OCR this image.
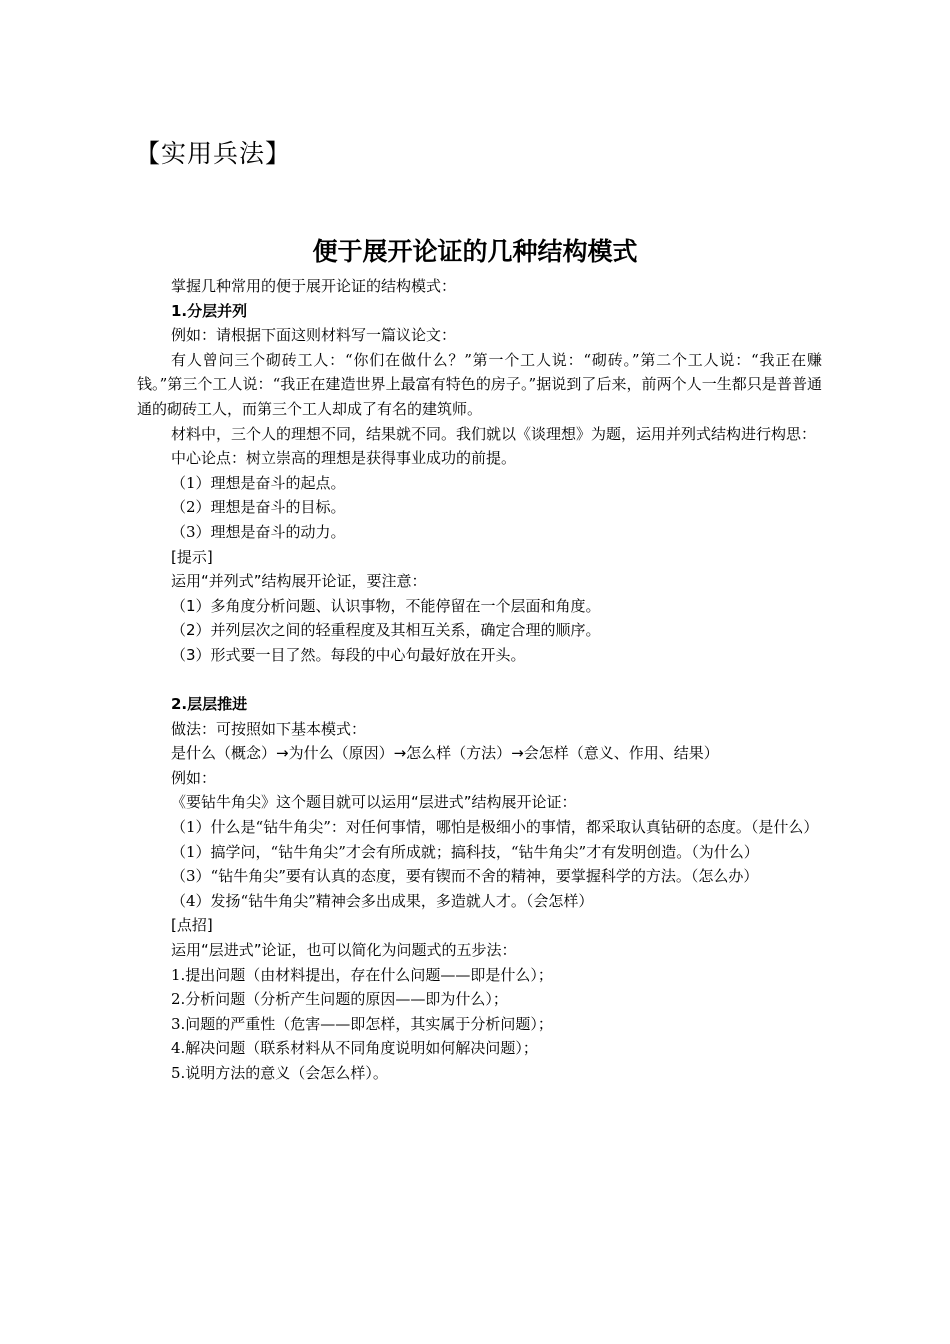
【实用兵法】
便于展开论证的几种结构模式

掌握几种常用的便于展开论证的结构模式：

1.分层并列

例如：请根据下面这则材料写一篇议论文：

有人曾问三个砌砖工人：“你们在做什么？”第一个工人说：“砌砖。”第二个工人说：“我正在赚钱。”第三个工人说：“我正在建造世界上最富有特色的房子。”据说到了后来，前两个人一生都只是普普通通的砌砖工人，而第三个工人却成了有名的建筑师。

材料中，三个人的理想不同，结果就不同。我们就以《谈理想》为题，运用并列式结构进行构思：

中心论点：树立崇高的理想是获得事业成功的前提。

（1）理想是奋斗的起点。

（2）理想是奋斗的目标。

（3）理想是奋斗的动力。

[提示]

运用“并列式”结构展开论证，要注意：

（1）多角度分析问题、认识事物，不能停留在一个层面和角度。

（2）并列层次之间的轻重程度及其相互关系，确定合理的顺序。

（3）形式要一目了然。每段的中心句最好放在开头。

2.层层推进

做法：可按照如下基本模式：

是什么（概念）→为什么（原因）→怎么样（方法）→会怎样（意义、作用、结果）

例如：

《要钻牛角尖》这个题目就可以运用“层进式”结构展开论证：

（1）什么是“钻牛角尖”：对任何事情，哪怕是极细小的事情，都采取认真钻研的态度。（是什么）

（1）搞学问，“钻牛角尖”才会有所成就；搞科技，“钻牛角尖”才有发明创造。（为什么）

（3）“钻牛角尖”要有认真的态度，要有锲而不舍的精神，要掌握科学的方法。（怎么办）

（4）发扬“钻牛角尖”精神会多出成果，多造就人才。（会怎样）

[点招]

运用“层进式”论证，也可以简化为问题式的五步法：

1.提出问题（由材料提出，存在什么问题——即是什么）；

2.分析问题（分析产生问题的原因——即为什么）；

3.问题的严重性（危害——即怎样，其实属于分析问题）；

4.解决问题（联系材料从不同角度说明如何解决问题）；

5.说明方法的意义（会怎么样）。
